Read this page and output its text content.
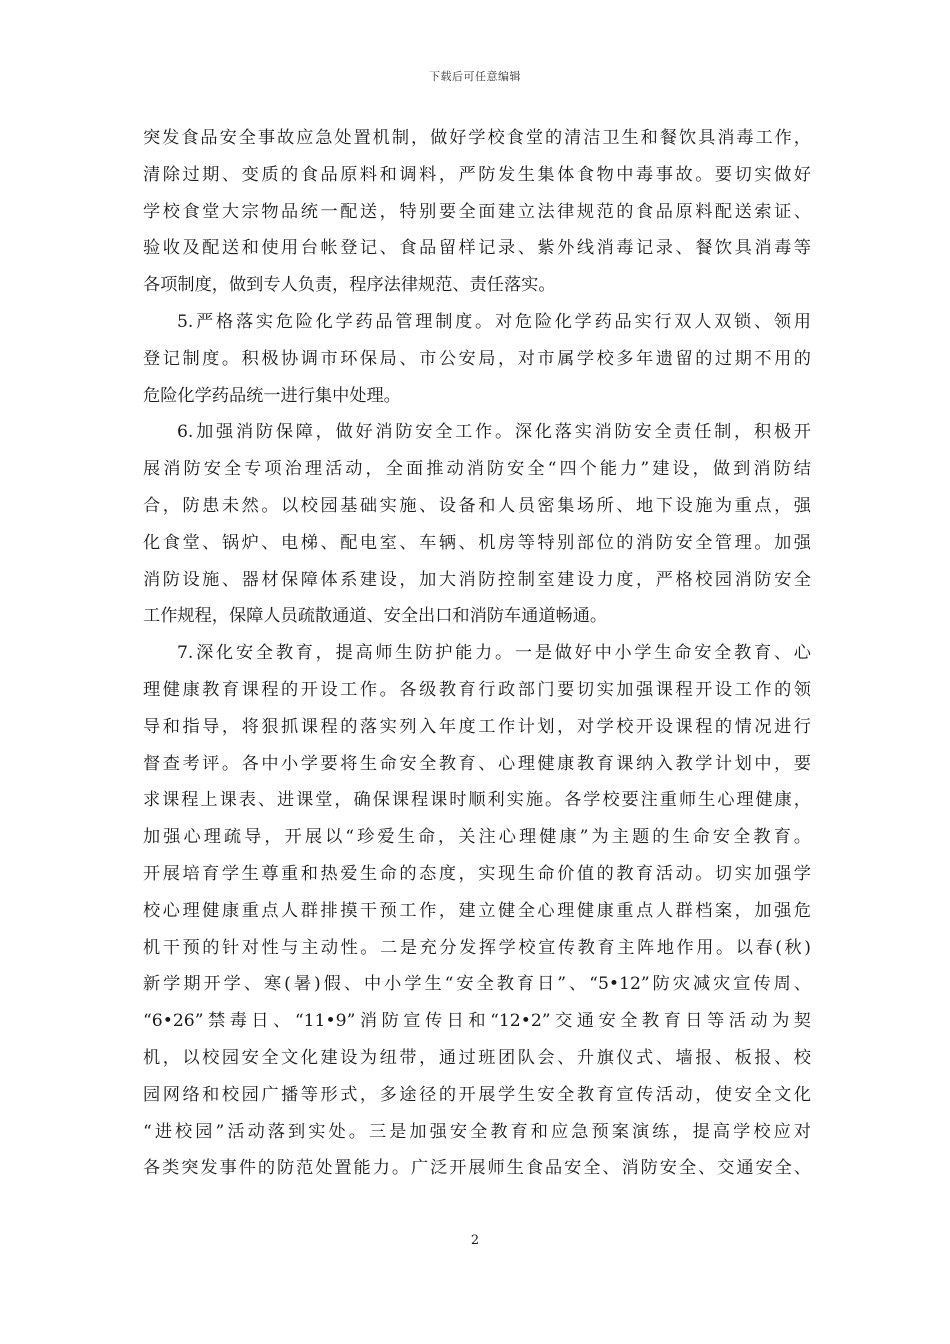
下载后可任意编辑
突发食品安全事故应急处置机制，做好学校食堂的清洁卫生和餐饮具消毒工作，
清除过期、变质的食品原料和调料，严防发生集体食物中毒事故。要切实做好
学校食堂大宗物品统一配送，特别要全面建立法律规范的食品原料配送索证、
验收及配送和使用台帐登记、食品留样记录、紫外线消毒记录、餐饮具消毒等
各项制度，做到专人负责，程序法律规范、责任落实。
5.严格落实危险化学药品管理制度。对危险化学药品实行双人双锁、领用
登记制度。积极协调市环保局、市公安局，对市属学校多年遗留的过期不用的
危险化学药品统一进行集中处理。
6.加强消防保障，做好消防安全工作。深化落实消防安全责任制，积极开
展消防安全专项治理活动，全面推动消防安全“四个能力”建设，做到消防结
合，防患未然。以校园基础实施、设备和人员密集场所、地下设施为重点，强
化食堂、锅炉、电梯、配电室、车辆、机房等特别部位的消防安全管理。加强
消防设施、器材保障体系建设，加大消防控制室建设力度，严格校园消防安全
工作规程，保障人员疏散通道、安全出口和消防车通道畅通。
7.深化安全教育，提高师生防护能力。一是做好中小学生命安全教育、心
理健康教育课程的开设工作。各级教育行政部门要切实加强课程开设工作的领
导和指导，将狠抓课程的落实列入年度工作计划，对学校开设课程的情况进行
督查考评。各中小学要将生命安全教育、心理健康教育课纳入教学计划中，要
求课程上课表、进课堂，确保课程课时顺利实施。各学校要注重师生心理健康，
加强心理疏导，开展以“珍爱生命，关注心理健康”为主题的生命安全教育。
开展培育学生尊重和热爱生命的态度，实现生命价值的教育活动。切实加强学
校心理健康重点人群排摸干预工作，建立健全心理健康重点人群档案，加强危
机干预的针对性与主动性。二是充分发挥学校宣传教育主阵地作用。以春(秋)
新学期开学、寒(暑)假、中小学生“安全教育日”、“5•12”防灾减灾宣传周、
“6•26”禁毒日、“11•9”消防宣传日和“12•2”交通安全教育日等活动为契
机，以校园安全文化建设为纽带，通过班团队会、升旗仪式、墙报、板报、校
园网络和校园广播等形式，多途径的开展学生安全教育宣传活动，使安全文化
“进校园”活动落到实处。三是加强安全教育和应急预案演练，提高学校应对
各类突发事件的防范处置能力。广泛开展师生食品安全、消防安全、交通安全、
2
